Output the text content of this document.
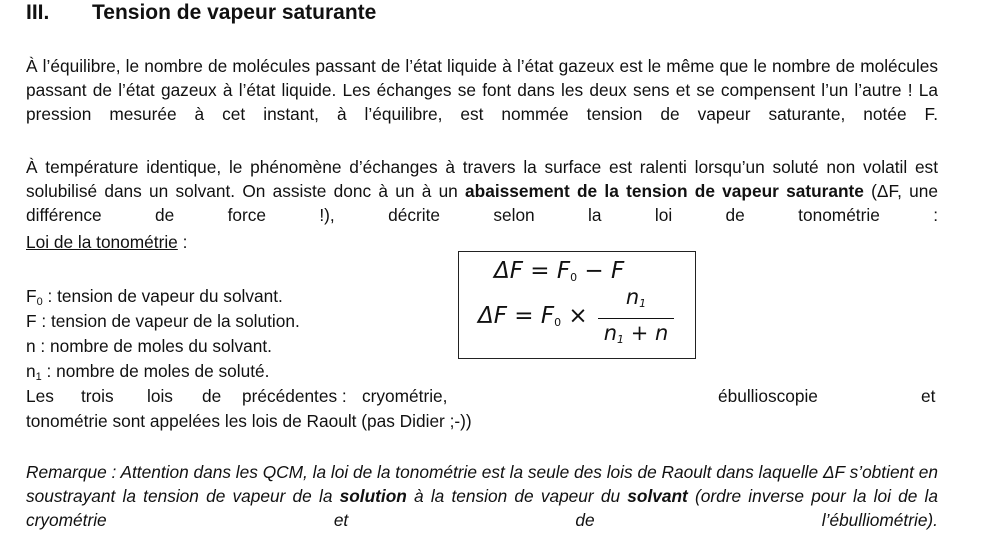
III. Tension de vapeur saturante

À l’équilibre, le nombre de molécules passant de l’état liquide à l’état gazeux est le même que le nombre de molécules passant de l’état gazeux à l’état liquide. Les échanges se font dans les deux sens et se compensent l’un l’autre ! La pression mesurée à cet instant, à l’équilibre, est nommée tension de vapeur saturante, notée F.

À température identique, le phénomène d’échanges à travers la surface est ralenti lorsqu’un soluté non volatil est solubilisé dans un solvant. On assiste donc à un à un abaissement de la tension de vapeur saturante (ΔF, une différence de force !), décrite selon la loi de tonométrie :

Loi de la tonométrie :
$F_0$ : tension de vapeur du solvant.
F : tension de vapeur de la solution.
n : nombre de moles du solvant.
$n_1$ : nombre de moles de soluté.
$\Delta F = F_0 - F$
$\Delta F = F_0$ ×
$n_1$
$n_1 + n$
Les trois lois de précédentes : cryométrie,	ébullioscopie	et
tonométrie sont appelées les lois de Raoult (pas Didier ;-))

Remarque : Attention dans les QCM, la loi de la tonométrie est la seule des lois de Raoult dans laquelle ΔF s’obtient en soustrayant la tension de vapeur de la solution à la tension de vapeur du solvant (ordre inverse pour la loi de la cryométrie et de l’ébulliométrie).
